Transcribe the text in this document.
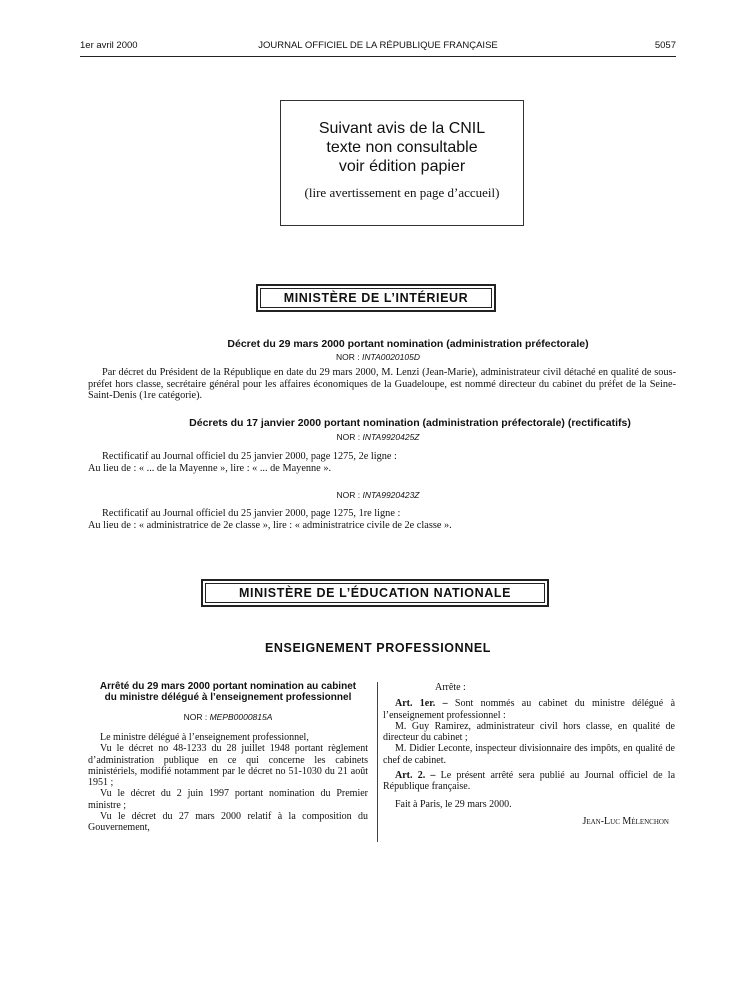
1er avril 2000	JOURNAL OFFICIEL DE LA RÉPUBLIQUE FRANÇAISE	5057
Suivant avis de la CNIL
texte non consultable
voir édition papier
(lire avertissement en page d’accueil)
MINISTÈRE DE L’INTÉRIEUR
Décret du 29 mars 2000 portant nomination (administration préfectorale)
NOR : INTA0020105D
Par décret du Président de la République en date du 29 mars 2000, M. Lenzi (Jean-Marie), administrateur civil détaché en qualité de sous-préfet hors classe, secrétaire général pour les affaires économiques de la Guadeloupe, est nommé directeur du cabinet du préfet de la Seine-Saint-Denis (1re catégorie).
Décrets du 17 janvier 2000 portant nomination (administration préfectorale) (rectificatifs)
NOR : INTA9920425Z
Rectificatif au Journal officiel du 25 janvier 2000, page 1275, 2e ligne :
Au lieu de : « ... de la Mayenne », lire : « ... de Mayenne ».
NOR : INTA9920423Z
Rectificatif au Journal officiel du 25 janvier 2000, page 1275, 1re ligne :
Au lieu de : « administratrice de 2e classe », lire : « administratrice civile de 2e classe ».
MINISTÈRE DE L’ÉDUCATION NATIONALE
ENSEIGNEMENT PROFESSIONNEL
Arrêté du 29 mars 2000 portant nomination au cabinet du ministre délégué à l’enseignement professionnel
NOR : MEPB0000815A

Le ministre délégué à l’enseignement professionnel,

Vu le décret no 48-1233 du 28 juillet 1948 portant règlement d’administration publique en ce qui concerne les cabinets ministériels, modifié notamment par le décret no 51-1030 du 21 août 1951 ;

Vu le décret du 2 juin 1997 portant nomination du Premier ministre ;

Vu le décret du 27 mars 2000 relatif à la composition du Gouvernement,

Arrête :

Art. 1er. – Sont nommés au cabinet du ministre délégué à l’enseignement professionnel :

M. Guy Ramirez, administrateur civil hors classe, en qualité de directeur du cabinet ;

M. Didier Leconte, inspecteur divisionnaire des impôts, en qualité de chef de cabinet.

Art. 2. – Le présent arrêté sera publié au Journal officiel de la République française.

Fait à Paris, le 29 mars 2000.

Jean-Luc Mélenchon
